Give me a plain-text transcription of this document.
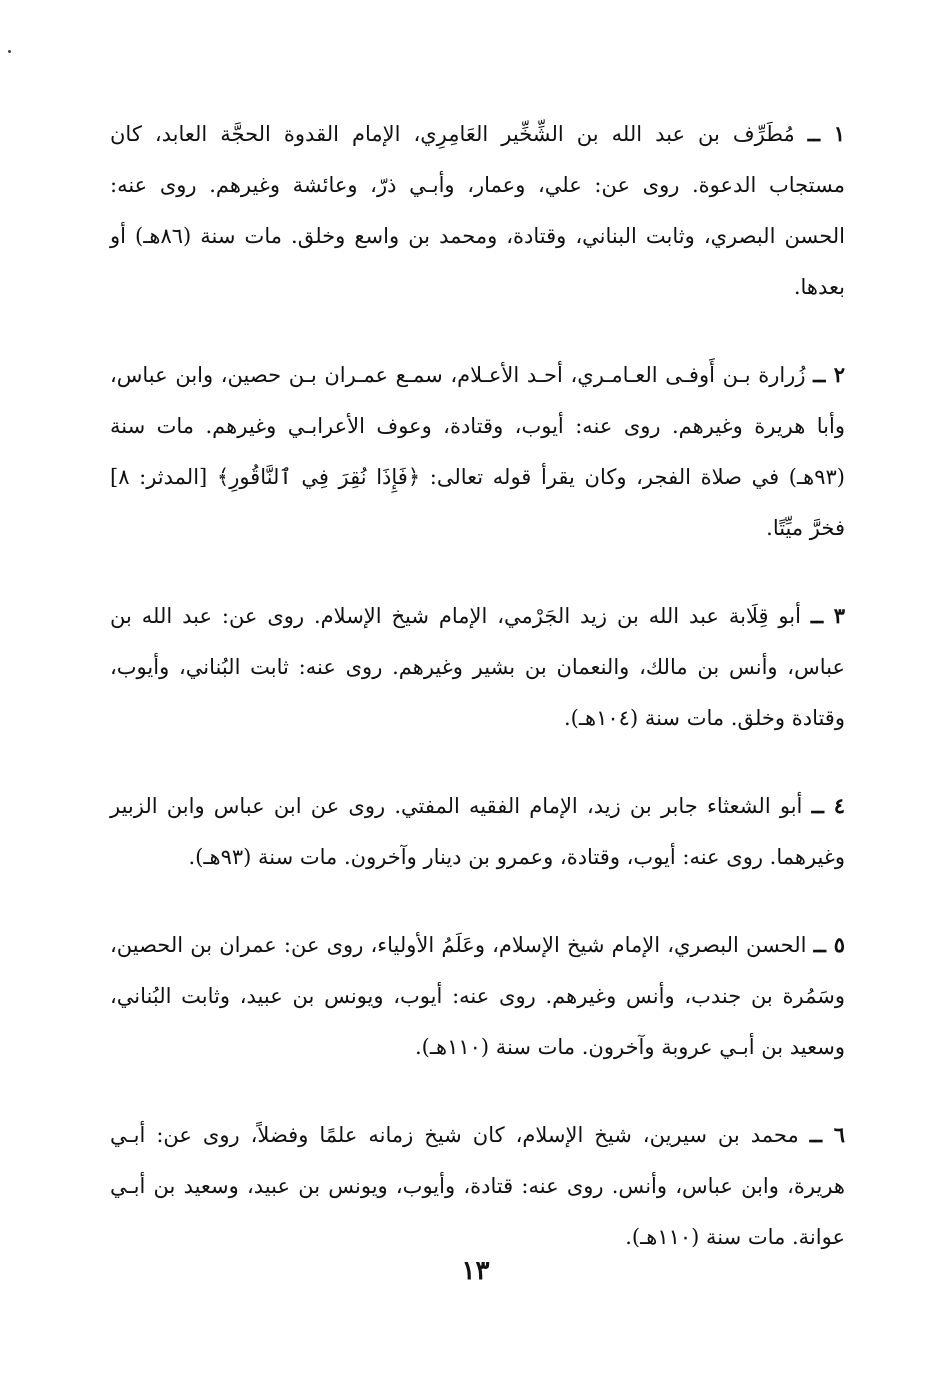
١ ــ مُطَرِّف بن عبد الله بن الشِّخِّير العَامِرِي، الإمام القدوة الحجَّة العابد، كان مستجاب الدعوة. روى عن: علي، وعمار، وأبـي ذرّ، وعائشة وغيرهم. روى عنه: الحسن البصري، وثابت البناني، وقتادة، ومحمد بن واسع وخلق. مات سنة (٨٦هـ) أو بعدها.

٢ ــ زُرارة بـن أَوفـى العـامـري، أحـد الأعـلام، سمـع عمـران بـن حصين، وابن عباس، وأبا هريرة وغيرهم. روى عنه: أيوب، وقتادة، وعوف الأعرابـي وغيرهم. مات سنة (٩٣هـ) في صلاة الفجر، وكان يقرأ قوله تعالى: ﴿فَإِذَا نُقِرَ فِي ٱلنَّاقُورِ﴾ [المدثر: ٨] فخرَّ ميِّتًا.

٣ ــ أبو قِلَابة عبد الله بن زيد الجَرْمي، الإمام شيخ الإسلام. روى عن: عبد الله بن عباس، وأنس بن مالك، والنعمان بن بشير وغيرهم. روى عنه: ثابت البُناني، وأيوب، وقتادة وخلق. مات سنة (١٠٤هـ).

٤ ــ أبو الشعثاء جابر بن زيد، الإمام الفقيه المفتي. روى عن ابن عباس وابن الزبير وغيرهما. روى عنه: أيوب، وقتادة، وعمرو بن دينار وآخرون. مات سنة (٩٣هـ).

٥ ــ الحسن البصري، الإمام شيخ الإسلام، وعَلَمُ الأولياء، روى عن: عمران بن الحصين، وسَمُرة بن جندب، وأنس وغيرهم. روى عنه: أيوب، ويونس بن عبيد، وثابت البُناني، وسعيد بن أبـي عروبة وآخرون. مات سنة (١١٠هـ).

٦ ــ محمد بن سيرين، شيخ الإسلام، كان شيخ زمانه علمًا وفضلاً، روى عن: أبـي هريرة، وابن عباس، وأنس. روى عنه: قتادة، وأيوب، ويونس بن عبيد، وسعيد بن أبـي عوانة. مات سنة (١١٠هـ).

١٣
